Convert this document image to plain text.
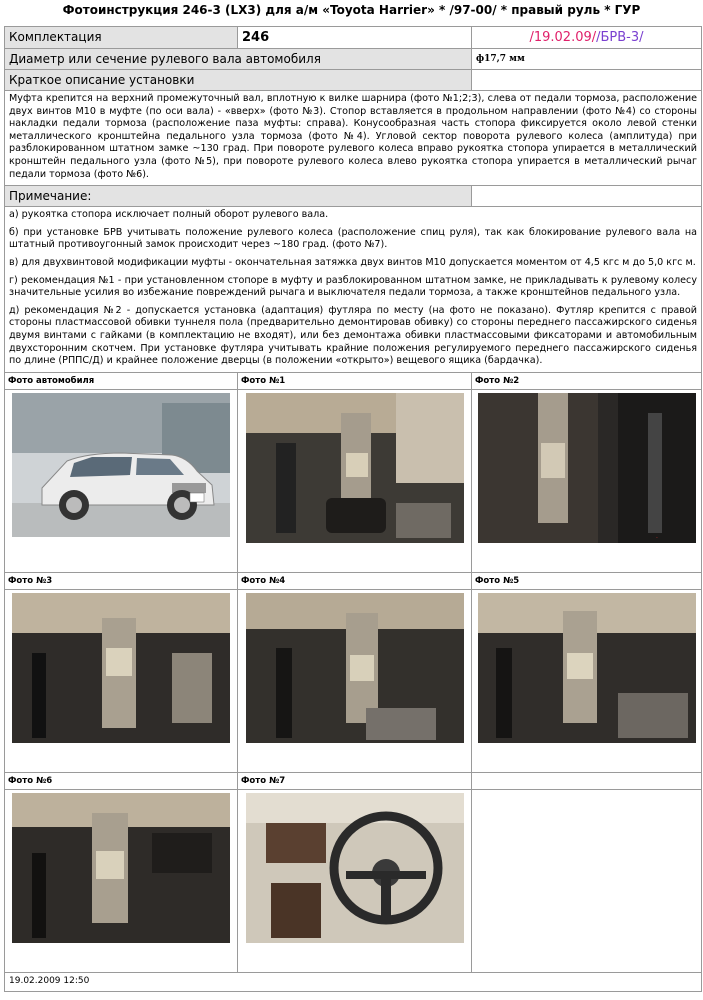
Фотоинструкция 246-3 (LX3) для а/м «Toyota Harrier» * /97-00/ * правый руль * ГУР
Комплектация	246	/19.02.09//БРВ-3/
Диаметр или сечение рулевого вала автомобиля		ф17,7 мм
Краткое описание установки		
Муфта крепится на верхний промежуточный вал, вплотную к вилке шарнира (фото №1;2;3), слева от педали тормоза, расположение двух винтов М10 в муфте (по оси вала) - «вверх» (фото №3). Стопор вставляется в продольном направлении (фото №4) со стороны накладки педали тормоза (расположение паза муфты: справа). Конусообразная часть стопора фиксируется около левой стенки металлического кронштейна педального узла тормоза (фото №4). Угловой сектор поворота рулевого колеса (амплитуда) при разблокированном штатном замке ~130 град. При повороте рулевого колеса вправо рукоятка стопора упирается в металлический кронштейн педального узла (фото №5), при повороте рулевого колеса влево рукоятка стопора упирается в металлический рычаг педали тормоза (фото №6).		
Примечание:		

а) рукоятка стопора исключает полный оборот рулевого вала.
б) при установке БРВ учитывать положение рулевого колеса (расположение спиц руля), так как блокирование рулевого вала на штатный противоугонный замок происходит через ~180 град. (фото №7).
в) для двухвинтовой модификации муфты - окончательная затяжка двух винтов М10 допускается моментом от 4,5 кгс м до 5,0 кгс м.
г) рекомендация №1 - при установленном стопоре в муфту и разблокированном штатном замке, не прикладывать к рулевому колесу значительные усилия во избежание повреждений рычага и выключателя педали тормоза, а также кронштейнов педального узла.
д) рекомендация №2 - допускается установка (адаптация) футляра по месту (на фото не показано). Футляр крепится с правой стороны пластмассовой обивки туннеля пола (предварительно демонтировав обивку) со стороны переднего пассажирского сиденья двумя винтами с гайками (в комплектацию не входят), или без демонтажа обивки пластмассовыми фиксаторами и автомобильным двухсторонним скотчем. При установке футляра учитывать крайние положения регулируемого переднего пассажирского сиденья по длине (РППС/Д) и крайнее положение дверцы (в положении «открыто») вещевого ящика (бардачка).		

Фото автомобиля	Фото №1	Фото №2

.

Фото №3	Фото №4	Фото №5

Фото №6	Фото №7	

19.02.2009 12:50		
